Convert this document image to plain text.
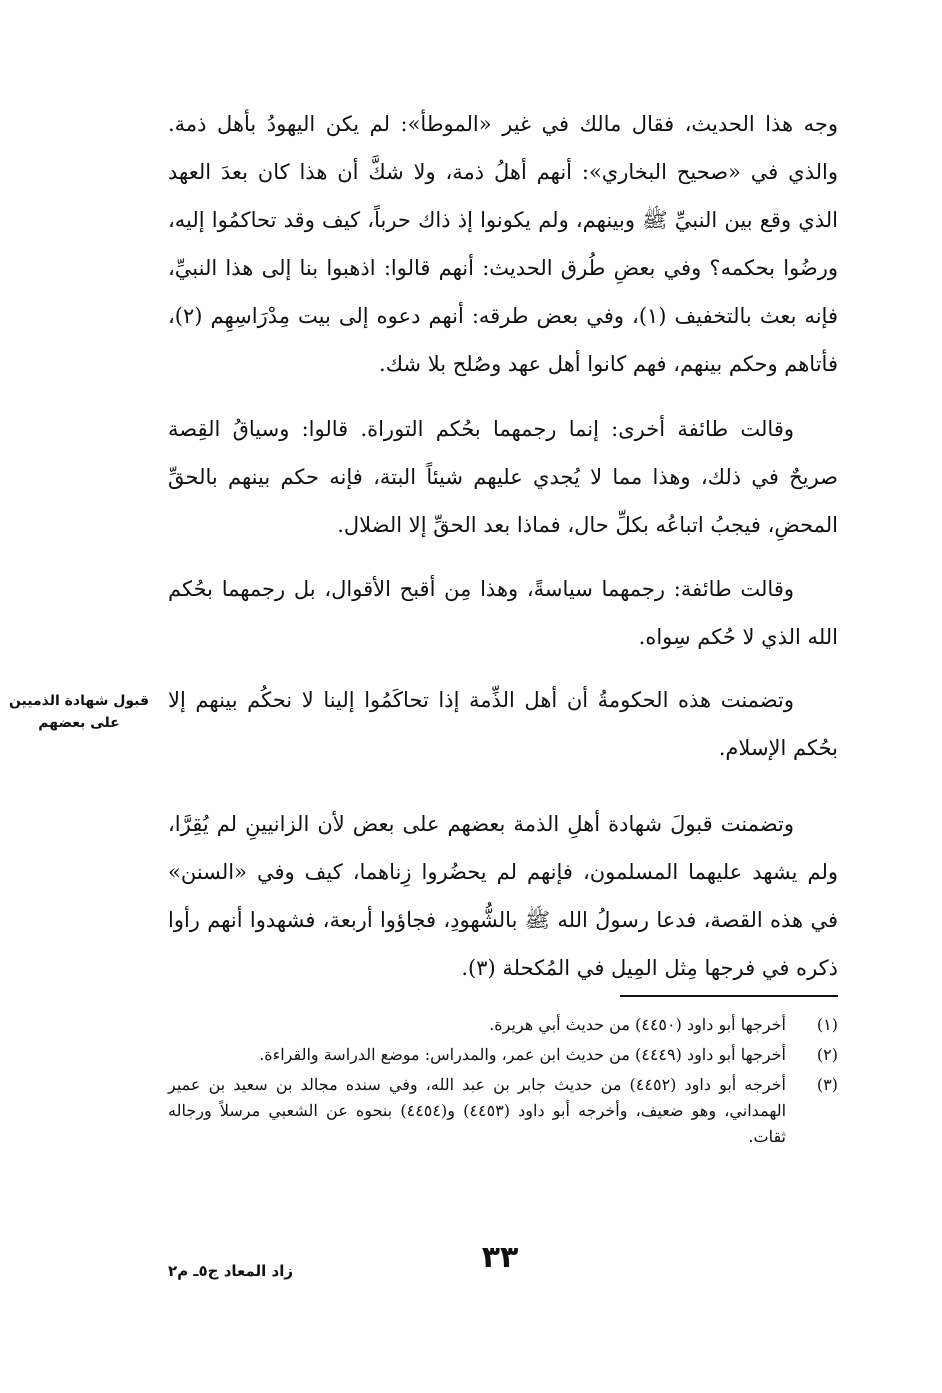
وجه هذا الحديث، فقال مالك في غير «الموطأ»: لم يكن اليهودُ بأهل ذمة. والذي في «صحيح البخاري»: أنهم أهلُ ذمة، ولا شكَّ أن هذا كان بعدَ العهد الذي وقع بين النبيِّ ﷺ وبينهم، ولم يكونوا إذ ذاك حرباً، كيف وقد تحاكمُوا إليه، ورضُوا بحكمه؟ وفي بعضِ طُرق الحديث: أنهم قالوا: اذهبوا بنا إلى هذا النبيِّ، فإنه بعث بالتخفيف (١)، وفي بعض طرقه: أنهم دعوه إلى بيت مِدْرَاسِهِم (٢)، فأتاهم وحكم بينهم، فهم كانوا أهل عهد وصُلح بلا شك.

وقالت طائفة أخرى: إنما رجمهما بحُكم التوراة. قالوا: وسياقُ القِصة صريحٌ في ذلك، وهذا مما لا يُجدي عليهم شيئاً البتة، فإنه حكم بينهم بالحقِّ المحضِ، فيجبُ اتباعُه بكلِّ حال، فماذا بعد الحقِّ إلا الضلال.

وقالت طائفة: رجمهما سياسةً، وهذا مِن أقبح الأقوال، بل رجمهما بحُكم الله الذي لا حُكم سِواه.

وتضمنت هذه الحكومةُ أن أهل الذِّمة إذا تحاكَمُوا إلينا لا نحكُم بينهم إلا بحُكم الإسلام.

قبول شهادة الذميين على بعضهم

وتضمنت قبولَ شهادة أهلِ الذمة بعضهم على بعض لأن الزانيينِ لم يُقِرَّا، ولم يشهد عليهما المسلمون، فإنهم لم يحضُروا زِناهما، كيف وفي «السنن» في هذه القصة، فدعا رسولُ الله ﷺ بالشُّهودِ، فجاؤوا أربعة، فشهدوا أنهم رأوا ذكره في فرجها مِثل المِيل في المُكحلة (٣).

(١)
أخرجها أبو داود (٤٤٥٠) من حديث أبي هريرة.
(٢)
أخرجها أبو داود (٤٤٤٩) من حديث ابن عمر، والمدراس: موضع الدراسة والقراءة.
(٣)
أخرجه أبو داود (٤٤٥٢) من حديث جابر بن عبد الله، وفي سنده مجالد بن سعيد بن عمير الهمداني، وهو ضعيف، وأخرجه أبو داود (٤٤٥٣) و(٤٤٥٤) بنحوه عن الشعبي مرسلاً ورجاله ثقات.
٣٣
زاد المعاد ج٥ـ م٢
